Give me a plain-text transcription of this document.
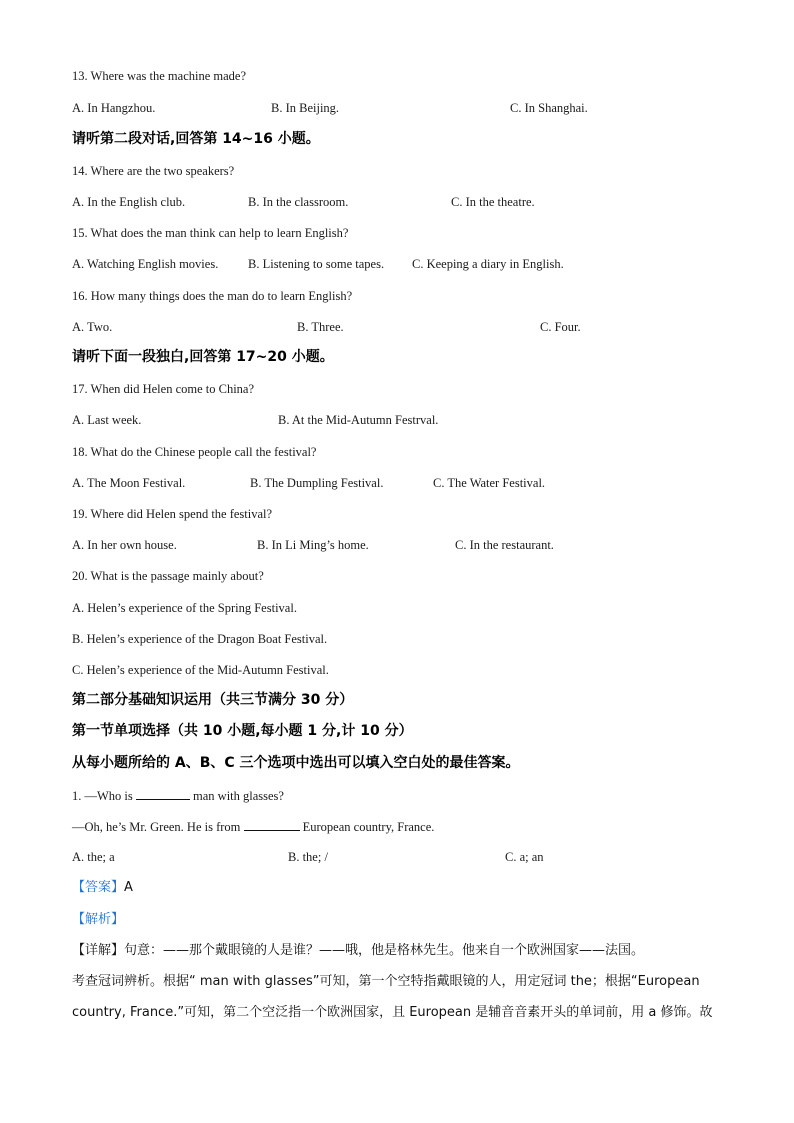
13. Where was the machine made?
A. In Hangzhou.	B. In Beijing.	C. In Shanghai.
请听第二段对话,回答第 14~16 小题。
14. Where are the two speakers?
A. In the English club.	B. In the classroom.	C. In the theatre.
15. What does the man think can help to learn English?
A. Watching English movies. B. Listening to some tapes. C. Keeping a diary in English.
16. How many things does the man do to learn English?
A. Two.	B. Three.	C. Four.
请听下面一段独白,回答第 17~20 小题。
17. When did Helen come to China?
A. Last week.	B. At the Mid-Autumn Festrval.
18. What do the Chinese people call the festival?
A. The Moon Festival.	B. The Dumpling Festival.	C. The Water Festival.
19. Where did Helen spend the festival?
A. In her own house.	B. In Li Ming’s home.	C. In the restaurant.
20. What is the passage mainly about?
A. Helen’s experience of the Spring Festival.
B. Helen’s experience of the Dragon Boat Festival.
C. Helen’s experience of the Mid-Autumn Festival.
第二部分基础知识运用（共三节满分 30 分）
第一节单项选择（共 10 小题,每小题 1 分,计 10 分）
从每小题所给的 A、B、C 三个选项中选出可以填入空白处的最佳答案。
1. —Who is	man with glasses?
—Oh, he’s Mr. Green. He is from	European country, France.
A. the; a	B. the; /	C. a; an
【答案】A
【解析】
【详解】句意：——那个戴眼镜的人是谁？——哦，他是格林先生。他来自一个欧洲国家——法国。
考查冠词辨析。根据“ man with glasses”可知，第一个空特指戴眼镜的人，用定冠词 the；根据“European
country, France.”可知，第二个空泛指一个欧洲国家，且 European 是辅音音素开头的单词前，用 a 修饰。故
